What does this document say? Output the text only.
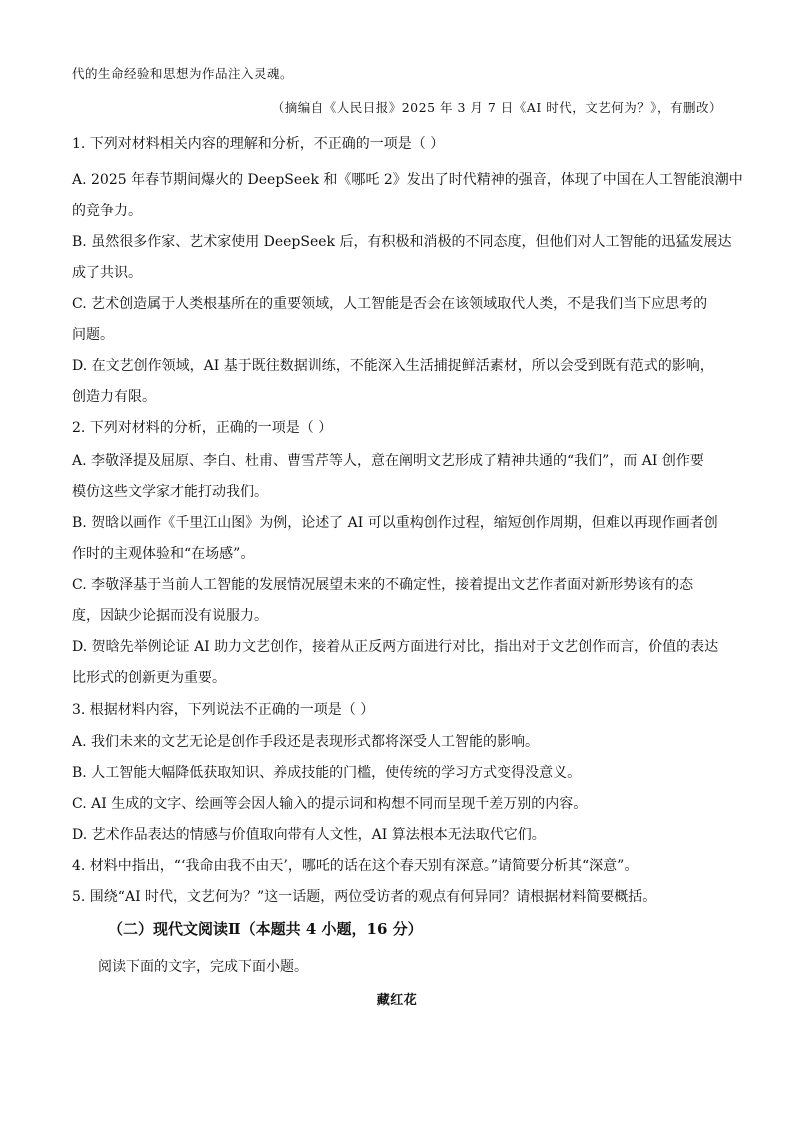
代的生命经验和思想为作品注入灵魂。
（摘编自《人民日报》2025 年 3 月 7 日《AI 时代，文艺何为？》，有删改）
1. 下列对材料相关内容的理解和分析，不正确的一项是（ ）
A. 2025 年春节期间爆火的 DeepSeek 和《哪吒 2》发出了时代精神的强音，体现了中国在人工智能浪潮中
的竞争力。
B. 虽然很多作家、艺术家使用 DeepSeek 后，有积极和消极的不同态度，但他们对人工智能的迅猛发展达
成了共识。
C. 艺术创造属于人类根基所在的重要领域，人工智能是否会在该领域取代人类，不是我们当下应思考的
问题。
D. 在文艺创作领域，AI 基于既往数据训练，不能深入生活捕捉鲜活素材，所以会受到既有范式的影响，
创造力有限。
2. 下列对材料的分析，正确的一项是（ ）
A. 李敬泽提及屈原、李白、杜甫、曹雪芹等人，意在阐明文艺形成了精神共通的“我们”，而 AI 创作要
模仿这些文学家才能打动我们。
B. 贺晗以画作《千里江山图》为例，论述了 AI 可以重构创作过程，缩短创作周期，但难以再现作画者创
作时的主观体验和“在场感”。
C. 李敬泽基于当前人工智能的发展情况展望未来的不确定性，接着提出文艺作者面对新形势该有的态
度，因缺少论据而没有说服力。
D. 贺晗先举例论证 AI 助力文艺创作，接着从正反两方面进行对比，指出对于文艺创作而言，价值的表达
比形式的创新更为重要。
3. 根据材料内容，下列说法不正确的一项是（ ）
A. 我们未来的文艺无论是创作手段还是表现形式都将深受人工智能的影响。
B. 人工智能大幅降低获取知识、养成技能的门槛，使传统的学习方式变得没意义。
C. AI 生成的文字、绘画等会因人输入的提示词和构想不同而呈现千差万别的内容。
D. 艺术作品表达的情感与价值取向带有人文性，AI 算法根本无法取代它们。
4. 材料中指出，“‘我命由我不由天’，哪吒的话在这个春天别有深意。”请简要分析其“深意”。
5. 围绕“AI 时代，文艺何为？”这一话题，两位受访者的观点有何异同？请根据材料简要概括。
（二）现代文阅读Ⅱ（本题共 4 小题，16 分）
阅读下面的文字，完成下面小题。
藏红花
